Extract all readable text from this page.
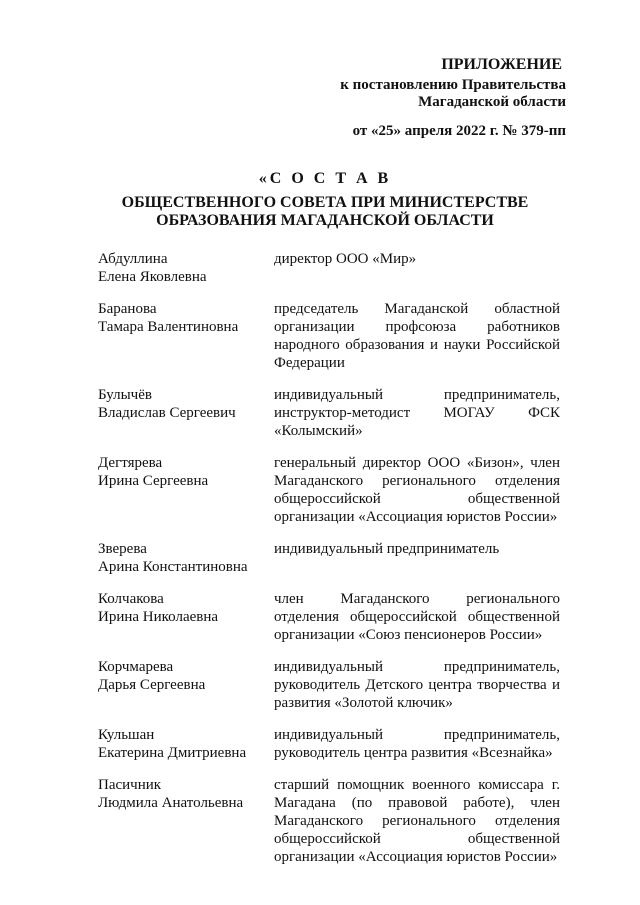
ПРИЛОЖЕНИЕ
к постановлению Правительства
Магаданской области
от «25» апреля 2022 г. № 379-пп
«С О С Т А В
ОБЩЕСТВЕННОГО СОВЕТА ПРИ МИНИСТЕРСТВЕ
ОБРАЗОВАНИЯ МАГАДАНСКОЙ ОБЛАСТИ
Абдуллина
Елена Яковлевна
директор ООО «Мир»
Баранова
Тамара Валентиновна
председатель Магаданской областной организации профсоюза работников народного образования и науки Российской Федерации
Булычёв
Владислав Сергеевич
индивидуальный предприниматель, инструктор-методист МОГАУ ФСК «Колымский»
Дегтярева
Ирина Сергеевна
генеральный директор ООО «Бизон», член Магаданского регионального отделения общероссийской общественной организации «Ассоциация юристов России»
Зверева
Арина Константиновна
индивидуальный предприниматель
Колчакова
Ирина Николаевна
член Магаданского регионального отделения общероссийской общественной организации «Союз пенсионеров России»
Корчмарева
Дарья Сергеевна
индивидуальный предприниматель, руководитель Детского центра творчества и развития «Золотой ключик»
Кульшан
Екатерина Дмитриевна
индивидуальный предприниматель, руководитель центра развития «Всезнайка»
Пасичник
Людмила Анатольевна
старший помощник военного комиссара г. Магадана (по правовой работе), член Магаданского регионального отделения общероссийской общественной организации «Ассоциация юристов России»
